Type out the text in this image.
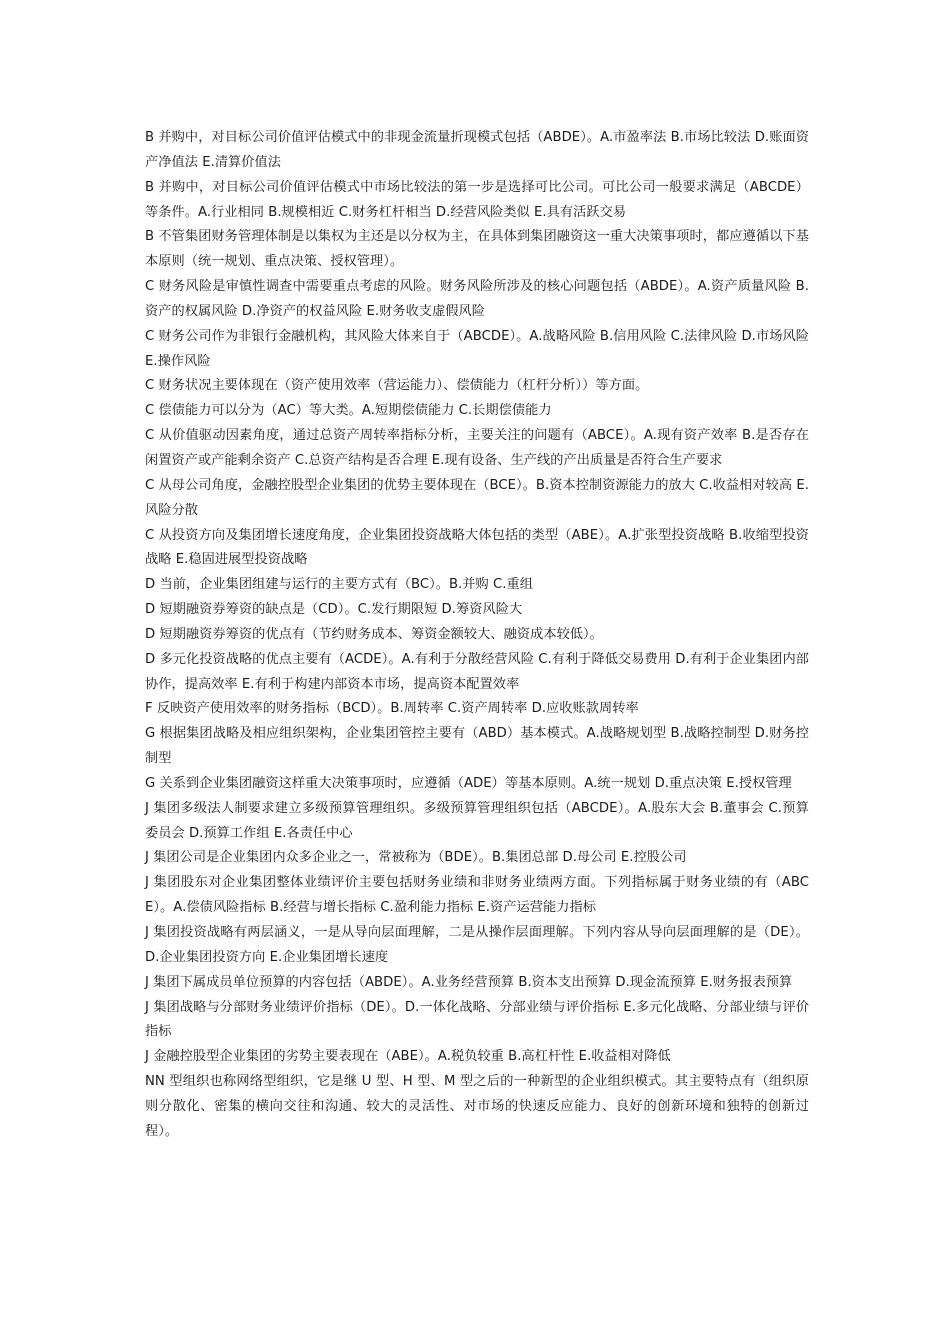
B 并购中，对目标公司价值评估模式中的非现金流量折现模式包括（ABDE）。A.市盈率法 B.市场比较法 D.账面资产净值法 E.清算价值法

B 并购中，对目标公司价值评估模式中市场比较法的第一步是选择可比公司。可比公司一般要求满足（ABCDE）等条件。A.行业相同 B.规模相近 C.财务杠杆相当 D.经营风险类似 E.具有活跃交易

B 不管集团财务管理体制是以集权为主还是以分权为主，在具体到集团融资这一重大决策事项时，都应遵循以下基本原则（统一规划、重点决策、授权管理）。

C 财务风险是审慎性调查中需要重点考虑的风险。财务风险所涉及的核心问题包括（ABDE）。A.资产质量风险 B.资产的权属风险 D.净资产的权益风险 E.财务收支虚假风险

C 财务公司作为非银行金融机构，其风险大体来自于（ABCDE）。A.战略风险 B.信用风险 C.法律风险 D.市场风险 E.操作风险

C 财务状况主要体现在（资产使用效率（营运能力）、偿债能力（杠杆分析））等方面。

C 偿债能力可以分为（AC）等大类。A.短期偿债能力 C.长期偿债能力

C 从价值驱动因素角度，通过总资产周转率指标分析，主要关注的问题有（ABCE）。A.现有资产效率 B.是否存在闲置资产或产能剩余资产 C.总资产结构是否合理 E.现有设备、生产线的产出质量是否符合生产要求

C 从母公司角度，金融控股型企业集团的优势主要体现在（BCE）。B.资本控制资源能力的放大 C.收益相对较高 E.风险分散

C 从投资方向及集团增长速度角度，企业集团投资战略大体包括的类型（ABE）。A.扩张型投资战略 B.收缩型投资战略 E.稳固进展型投资战略

D 当前，企业集团组建与运行的主要方式有（BC）。B.并购 C.重组

D 短期融资券筹资的缺点是（CD）。C.发行期限短 D.筹资风险大

D 短期融资券筹资的优点有（节约财务成本、筹资金额较大、融资成本较低）。

D 多元化投资战略的优点主要有（ACDE）。A.有利于分散经营风险 C.有利于降低交易费用 D.有利于企业集团内部协作，提高效率 E.有利于构建内部资本市场，提高资本配置效率

F 反映资产使用效率的财务指标（BCD）。B.周转率 C.资产周转率 D.应收账款周转率

G 根据集团战略及相应组织架构，企业集团管控主要有（ABD）基本模式。A.战略规划型 B.战略控制型 D.财务控制型

G 关系到企业集团融资这样重大决策事项时，应遵循（ADE）等基本原则。A.统一规划 D.重点决策 E.授权管理

J 集团多级法人制要求建立多级预算管理组织。多级预算管理组织包括（ABCDE）。A.股东大会 B.董事会 C.预算委员会 D.预算工作组 E.各责任中心

J 集团公司是企业集团内众多企业之一，常被称为（BDE）。B.集团总部 D.母公司 E.控股公司

J 集团股东对企业集团整体业绩评价主要包括财务业绩和非财务业绩两方面。下列指标属于财务业绩的有（ABCE）。A.偿债风险指标 B.经营与增长指标 C.盈利能力指标 E.资产运营能力指标

J 集团投资战略有两层涵义，一是从导向层面理解，二是从操作层面理解。下列内容从导向层面理解的是（DE）。D.企业集团投资方向 E.企业集团增长速度

J 集团下属成员单位预算的内容包括（ABDE）。A.业务经营预算 B.资本支出预算 D.现金流预算 E.财务报表预算

J 集团战略与分部财务业绩评价指标（DE）。D.一体化战略、分部业绩与评价指标 E.多元化战略、分部业绩与评价指标

J 金融控股型企业集团的劣势主要表现在（ABE）。A.税负较重 B.高杠杆性 E.收益相对降低

NN 型组织也称网络型组织，它是继 U 型、H 型、M 型之后的一种新型的企业组织模式。其主要特点有（组织原则分散化、密集的横向交往和沟通、较大的灵活性、对市场的快速反应能力、良好的创新环境和独特的创新过程）。
